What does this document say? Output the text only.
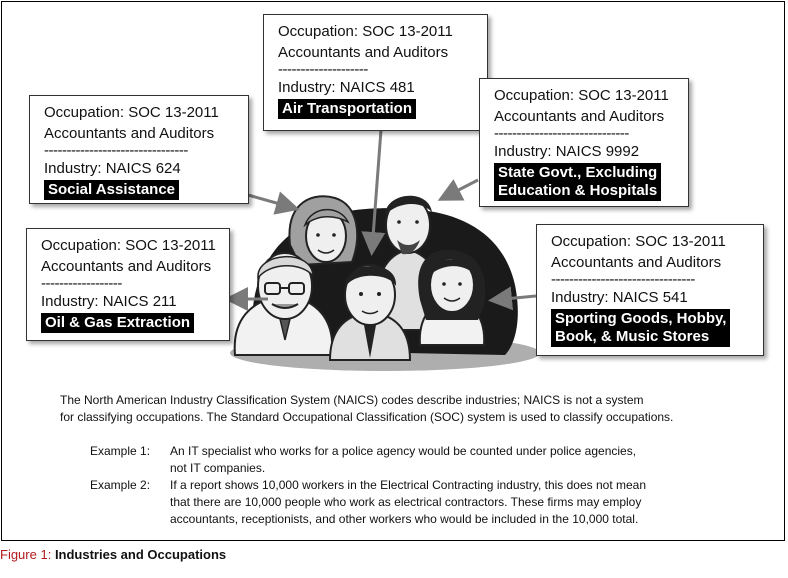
Occupation: SOC 13-2011
Accountants and Auditors
--------------------------------
Industry: NAICS 624
Social Assistance
Occupation: SOC 13-2011
Accountants and Auditors
--------------------
Industry: NAICS 481
Air Transportation
Occupation: SOC 13-2011
Accountants and Auditors
------------------------------
Industry: NAICS 9992
State Govt., Excluding
Education & Hospitals
Occupation: SOC 13-2011
Accountants and Auditors
------------------
Industry: NAICS 211
Oil & Gas Extraction
Occupation: SOC 13-2011
Accountants and Auditors
--------------------------------
Industry: NAICS 541
Sporting Goods, Hobby,
Book, & Music Stores
The North American Industry Classification System (NAICS) codes describe industries; NAICS is not a system
for classifying occupations. The Standard Occupational Classification (SOC) system is used to classify occupations.
Example 1: An IT specialist who works for a police agency would be counted under police agencies,
not IT companies.
Example 2: If a report shows 10,000 workers in the Electrical Contracting industry, this does not mean
that there are 10,000 people who work as electrical contractors. These firms may employ
accountants, receptionists, and other workers who would be included in the 10,000 total.
Figure 1: Industries and Occupations
